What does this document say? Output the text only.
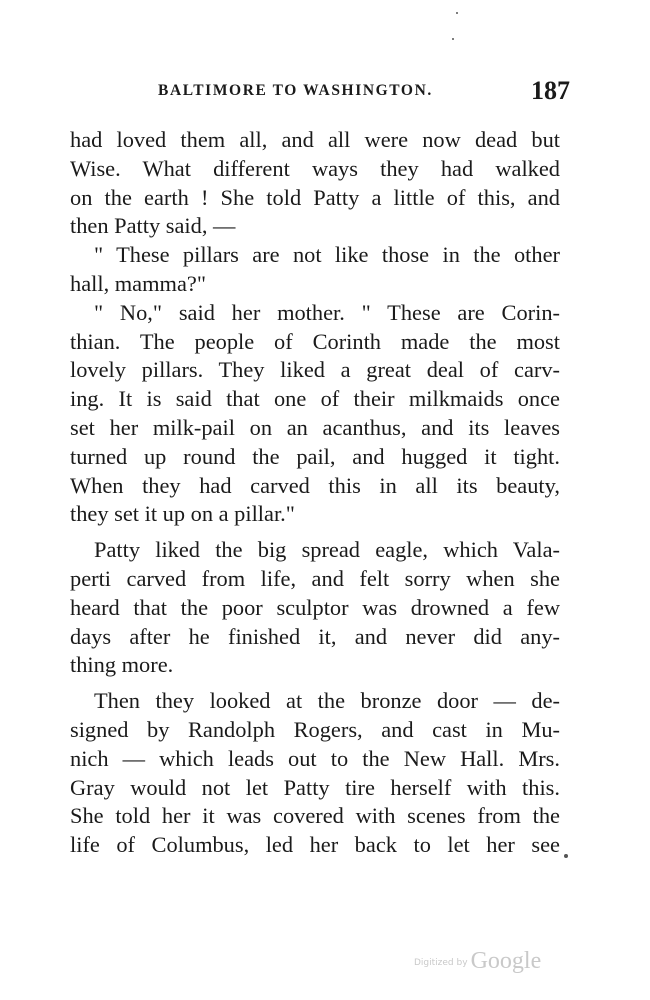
BALTIMORE TO WASHINGTON.	187
had loved them all, and all were now dead but
Wise. What different ways they had walked
on the earth ! She told Patty a little of this, and
then Patty said, —
" These pillars are not like those in the other
hall, mamma?"
" No," said her mother. " These are Corin-
thian. The people of Corinth made the most
lovely pillars. They liked a great deal of carv-
ing. It is said that one of their milkmaids once
set her milk-pail on an acanthus, and its leaves
turned up round the pail, and hugged it tight.
When they had carved this in all its beauty,
they set it up on a pillar."
Patty liked the big spread eagle, which Vala-
perti carved from life, and felt sorry when she
heard that the poor sculptor was drowned a few
days after he finished it, and never did any-
thing more.
Then they looked at the bronze door — de-
signed by Randolph Rogers, and cast in Mu-
nich — which leads out to the New Hall. Mrs.
Gray would not let Patty tire herself with this.
She told her it was covered with scenes from the
life of Columbus, led her back to let her see
Digitized by Google
